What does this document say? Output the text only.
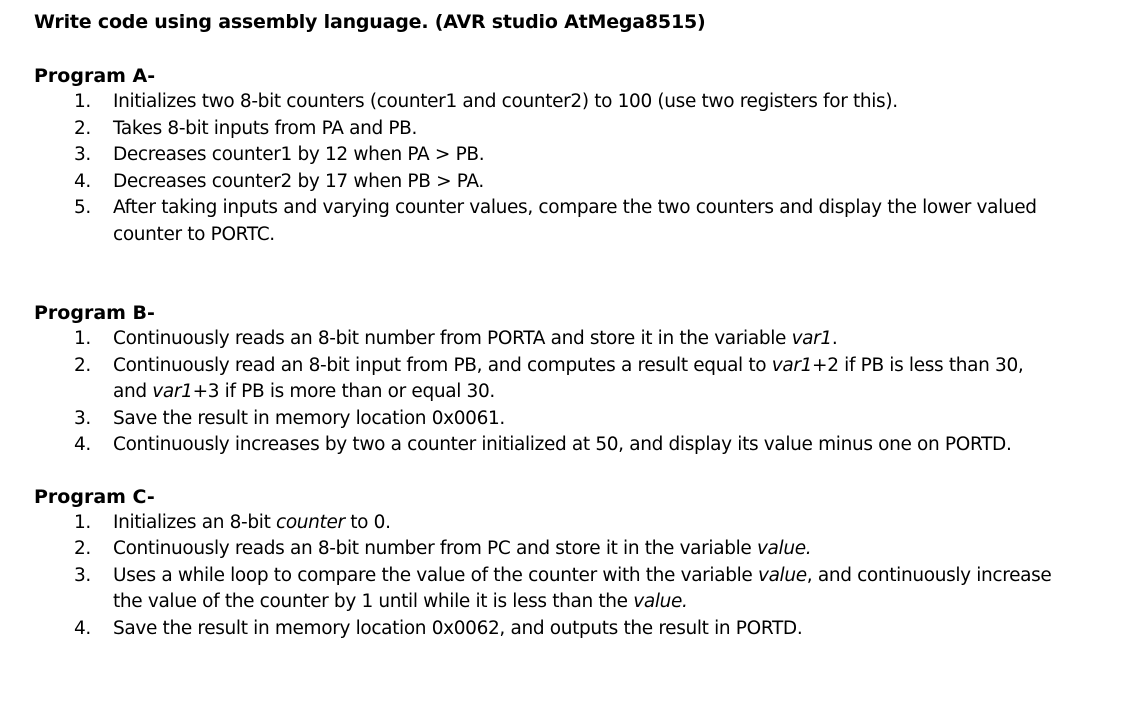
Write code using assembly language. (AVR studio AtMega8515)

Program A-

1. Initializes two 8-bit counters (counter1 and counter2) to 100 (use two registers for this).
2. Takes 8-bit inputs from PA and PB.
3. Decreases counter1 by 12 when PA > PB.
4. Decreases counter2 by 17 when PB > PA.
5. After taking inputs and varying counter values, compare the two counters and display the lower valued counter to PORTC.

Program B-

1. Continuously reads an 8-bit number from PORTA and store it in the variable var1.
2. Continuously read an 8-bit input from PB, and computes a result equal to var1+2 if PB is less than 30, and var1+3 if PB is more than or equal 30.
3. Save the result in memory location 0x0061.
4. Continuously increases by two a counter initialized at 50, and display its value minus one on PORTD.

Program C-

1. Initializes an 8-bit counter to 0.
2. Continuously reads an 8-bit number from PC and store it in the variable value.
3. Uses a while loop to compare the value of the counter with the variable value, and continuously increase the value of the counter by 1 until while it is less than the value.
4. Save the result in memory location 0x0062, and outputs the result in PORTD.
